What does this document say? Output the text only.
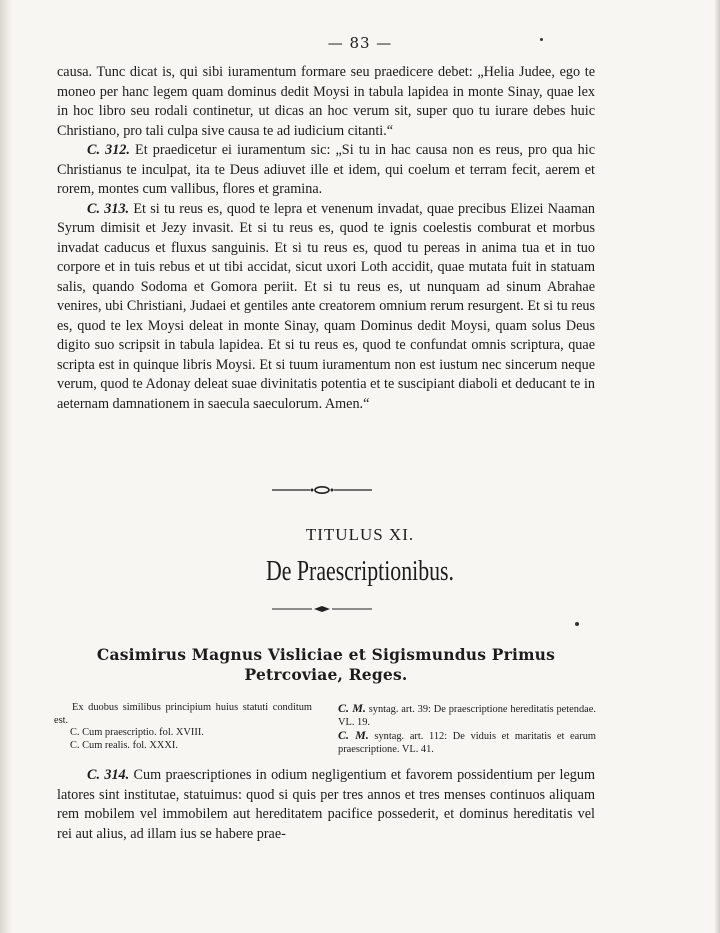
— 83 —

causa. Tunc dicat is, qui sibi iuramentum formare seu praedicere debet: „Helia Judee, ego te moneo per hanc legem quam dominus dedit Moysi in tabula lapidea in monte Sinay, quae lex in hoc libro seu rodali continetur, ut dicas an hoc verum sit, super quo tu iurare debes huic Christiano, pro tali culpa sive causa te ad iudicium citanti.“

C. 312. Et praedicetur ei iuramentum sic: „Si tu in hac causa non es reus, pro qua hic Christianus te inculpat, ita te Deus adiuvet ille et idem, qui coelum et terram fecit, aerem et rorem, montes cum vallibus, flores et gramina.

C. 313. Et si tu reus es, quod te lepra et venenum invadat, quae precibus Elizei Naaman Syrum dimisit et Jezy invasit. Et si tu reus es, quod te ignis coelestis comburat et morbus invadat caducus et fluxus sanguinis. Et si tu reus es, quod tu pereas in anima tua et in tuo corpore et in tuis rebus et ut tibi accidat, sicut uxori Loth accidit, quae mutata fuit in statuam salis, quando Sodoma et Gomora periit. Et si tu reus es, ut nunquam ad sinum Abrahae venires, ubi Christiani, Judaei et gentiles ante creatorem omnium rerum resurgent. Et si tu reus es, quod te lex Moysi deleat in monte Sinay, quam Dominus dedit Moysi, quam solus Deus digito suo scripsit in tabula lapidea. Et si tu reus es, quod te confundat omnis scriptura, quae scripta est in quinque libris Moysi. Et si tuum iuramentum non est iustum nec sincerum neque verum, quod te Adonay deleat suae divinitatis potentia et te suscipiant diaboli et deducant te in aeternam damnationem in saecula saeculorum. Amen.“

TITULUS XI.
De Praescriptionibus.
Casimirus Magnus Visliciae et Sigismundus Primus Petrcoviae, Reges.

Ex duobus similibus principium huius statuti conditum est.

C. Cum praescriptio. fol. XVIII.

C. Cum realis. fol. XXXI.

C. M. syntag. art. 39: De praescriptione hereditatis petendae. VL. 19.

C. M. syntag. art. 112: De viduis et maritatis et earum praescriptione. VL. 41.

C. 314. Cum praescriptiones in odium negligentium et favorem possidentium per legum latores sint institutae, statuimus: quod si quis per tres annos et tres menses continuos aliquam rem mobilem vel immobilem aut hereditatem pacifice possederit, et dominus hereditatis vel rei aut alius, ad illam ius se habere prae-
